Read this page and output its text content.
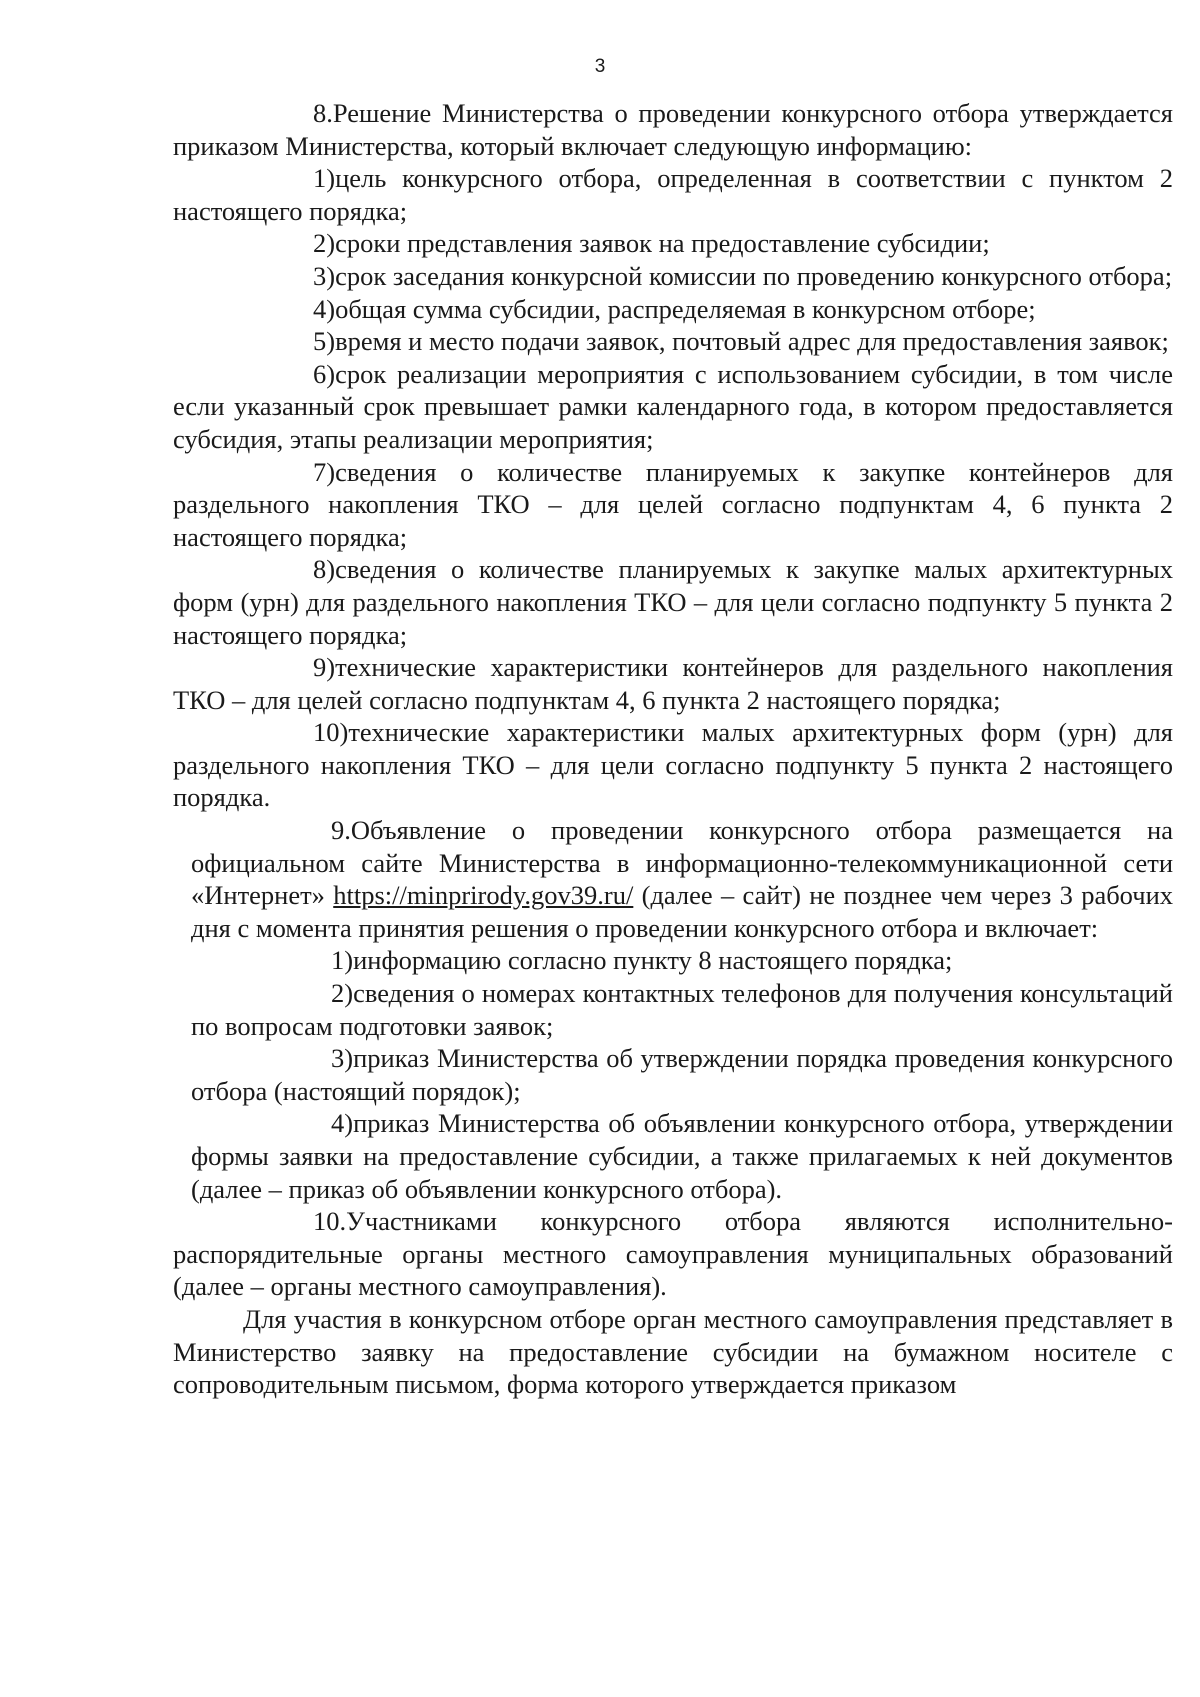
3

8.Решение Министерства о проведении конкурсного отбора утверждается приказом Министерства, который включает следующую информацию:

1)цель конкурсного отбора, определенная в соответствии с пунктом 2 настоящего порядка;

2)сроки представления заявок на предоставление субсидии;

3)срок заседания конкурсной комиссии по проведению конкурсного отбора;

4)общая сумма субсидии, распределяемая в конкурсном отборе;

5)время и место подачи заявок, почтовый адрес для предоставления заявок;

6)срок реализации мероприятия с использованием субсидии, в том числе если указанный срок превышает рамки календарного года, в котором предоставляется субсидия, этапы реализации мероприятия;

7)сведения о количестве планируемых к закупке контейнеров для раздельного накопления ТКО – для целей согласно подпунктам 4, 6 пункта 2 настоящего порядка;

8)сведения о количестве планируемых к закупке малых архитектурных форм (урн) для раздельного накопления ТКО – для цели согласно подпункту 5 пункта 2 настоящего порядка;

9)технические характеристики контейнеров для раздельного накопления ТКО – для целей согласно подпунктам 4, 6 пункта 2 настоящего порядка;

10)технические характеристики малых архитектурных форм (урн) для раздельного накопления ТКО – для цели согласно подпункту 5 пункта 2 настоящего порядка.

9.Объявление о проведении конкурсного отбора размещается на официальном сайте Министерства в информационно-телекоммуникационной сети «Интернет» https://minprirody.gov39.ru/ (далее – сайт) не позднее чем через 3 рабочих дня с момента принятия решения о проведении конкурсного отбора и включает:

1)информацию согласно пункту 8 настоящего порядка;

2)сведения о номерах контактных телефонов для получения консультаций по вопросам подготовки заявок;

3)приказ Министерства об утверждении порядка проведения конкурсного отбора (настоящий порядок);

4)приказ Министерства об объявлении конкурсного отбора, утверждении формы заявки на предоставление субсидии, а также прилагаемых к ней документов (далее – приказ об объявлении конкурсного отбора).

10.Участниками конкурсного отбора являются исполнительно-распорядительные органы местного самоуправления муниципальных образований (далее – органы местного самоуправления).

Для участия в конкурсном отборе орган местного самоуправления представляет в Министерство заявку на предоставление субсидии на бумажном носителе с сопроводительным письмом, форма которого утверждается приказом
